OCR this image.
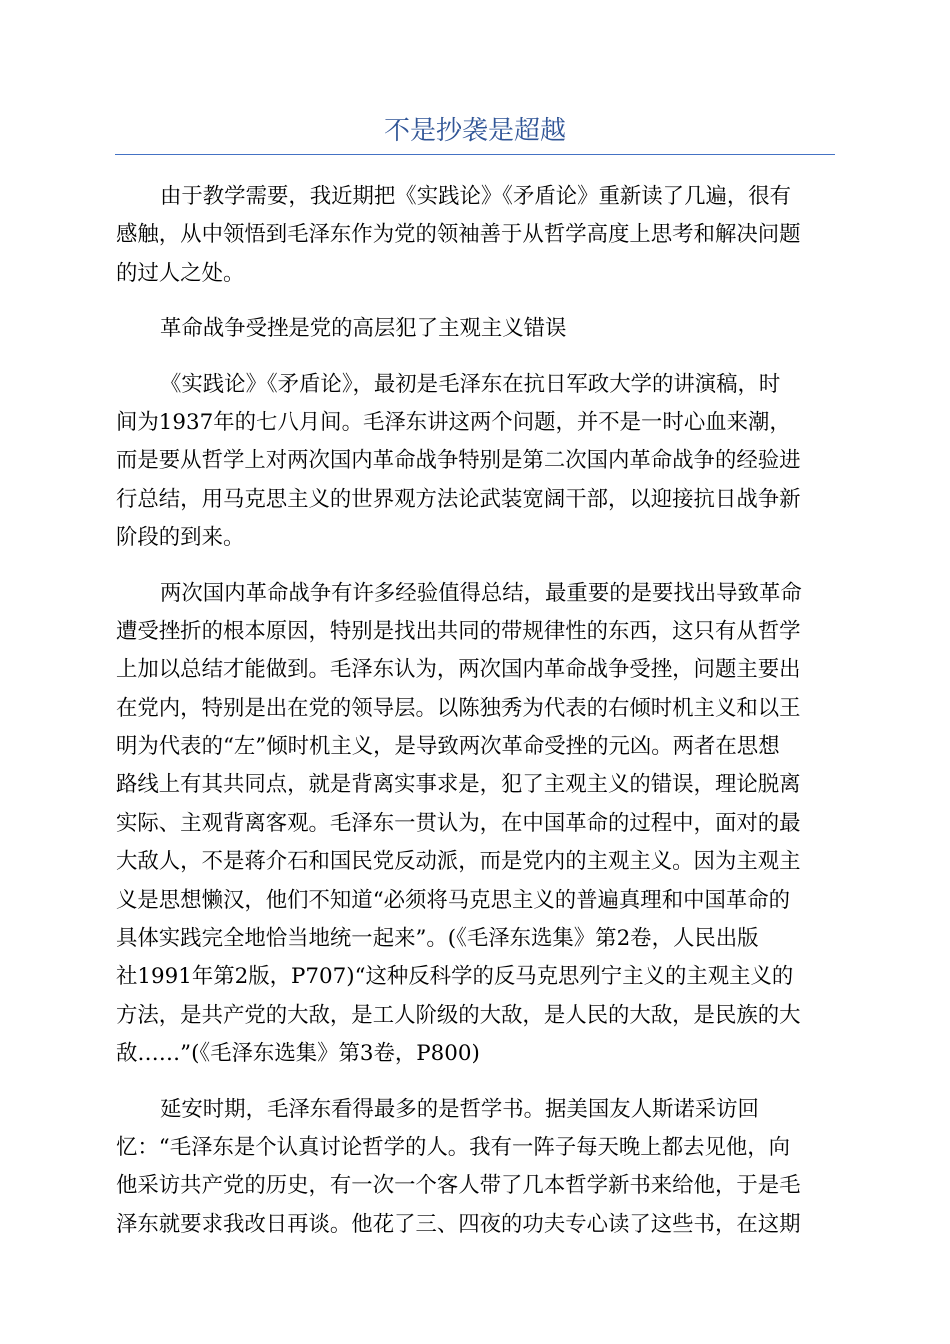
不是抄袭是超越

由于教学需要，我近期把《实践论》《矛盾论》重新读了几遍，很有
感触，从中领悟到毛泽东作为党的领袖善于从哲学高度上思考和解决问题
的过人之处。

革命战争受挫是党的高层犯了主观主义错误

《实践论》《矛盾论》，最初是毛泽东在抗日军政大学的讲演稿，时
间为1937年的七八月间。毛泽东讲这两个问题，并不是一时心血来潮，
而是要从哲学上对两次国内革命战争特别是第二次国内革命战争的经验进
行总结，用马克思主义的世界观方法论武装宽阔干部，以迎接抗日战争新
阶段的到来。

两次国内革命战争有许多经验值得总结，最重要的是要找出导致革命
遭受挫折的根本原因，特别是找出共同的带规律性的东西，这只有从哲学
上加以总结才能做到。毛泽东认为，两次国内革命战争受挫，问题主要出
在党内，特别是出在党的领导层。以陈独秀为代表的右倾时机主义和以王
明为代表的“左”倾时机主义，是导致两次革命受挫的元凶。两者在思想
路线上有其共同点，就是背离实事求是，犯了主观主义的错误，理论脱离
实际、主观背离客观。毛泽东一贯认为，在中国革命的过程中，面对的最
大敌人，不是蒋介石和国民党反动派，而是党内的主观主义。因为主观主
义是思想懒汉，他们不知道“必须将马克思主义的普遍真理和中国革命的
具体实践完全地恰当地统一起来”。(《毛泽东选集》第2卷，人民出版
社1991年第2版，P707)“这种反科学的反马克思列宁主义的主观主义的
方法，是共产党的大敌，是工人阶级的大敌，是人民的大敌，是民族的大
敌……”(《毛泽东选集》第3卷，P800)

延安时期，毛泽东看得最多的是哲学书。据美国友人斯诺采访回
忆：“毛泽东是个认真讨论哲学的人。我有一阵子每天晚上都去见他，向
他采访共产党的历史，有一次一个客人带了几本哲学新书来给他，于是毛
泽东就要求我改日再谈。他花了三、四夜的功夫专心读了这些书，在这期
